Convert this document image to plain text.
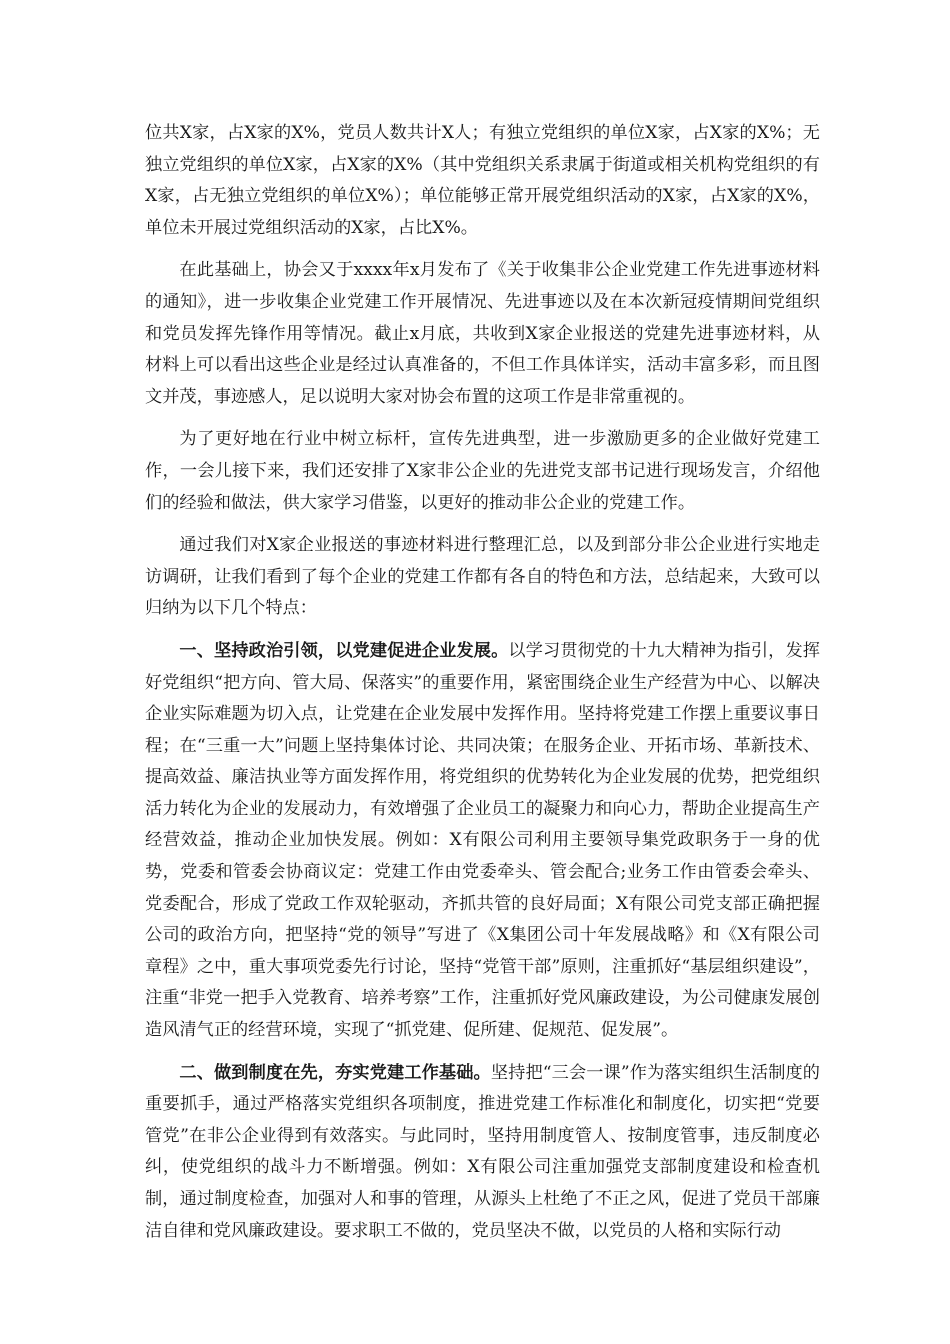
位共X家，占X家的X%，党员人数共计X人；有独立党组织的单位X家，占X家的X%；无独立党组织的单位X家，占X家的X%（其中党组织关系隶属于街道或相关机构党组织的有X家，占无独立党组织的单位X%）；单位能够正常开展党组织活动的X家，占X家的X%，单位未开展过党组织活动的X家，占比X%。

在此基础上，协会又于xxxx年x月发布了《关于收集非公企业党建工作先进事迹材料的通知》，进一步收集企业党建工作开展情况、先进事迹以及在本次新冠疫情期间党组织和党员发挥先锋作用等情况。截止x月底，共收到X家企业报送的党建先进事迹材料，从材料上可以看出这些企业是经过认真准备的，不但工作具体详实，活动丰富多彩，而且图文并茂，事迹感人，足以说明大家对协会布置的这项工作是非常重视的。

为了更好地在行业中树立标杆，宣传先进典型，进一步激励更多的企业做好党建工作，一会儿接下来，我们还安排了X家非公企业的先进党支部书记进行现场发言，介绍他们的经验和做法，供大家学习借鉴，以更好的推动非公企业的党建工作。

通过我们对X家企业报送的事迹材料进行整理汇总，以及到部分非公企业进行实地走访调研，让我们看到了每个企业的党建工作都有各自的特色和方法，总结起来，大致可以归纳为以下几个特点：

一、坚持政治引领，以党建促进企业发展。以学习贯彻党的十九大精神为指引，发挥好党组织“把方向、管大局、保落实”的重要作用，紧密围绕企业生产经营为中心、以解决企业实际难题为切入点，让党建在企业发展中发挥作用。坚持将党建工作摆上重要议事日程；在“三重一大”问题上坚持集体讨论、共同决策；在服务企业、开拓市场、革新技术、提高效益、廉洁执业等方面发挥作用，将党组织的优势转化为企业发展的优势，把党组织活力转化为企业的发展动力，有效增强了企业员工的凝聚力和向心力，帮助企业提高生产经营效益，推动企业加快发展。例如：X有限公司利用主要领导集党政职务于一身的优势，党委和管委会协商议定：党建工作由党委牵头、管会配合;业务工作由管委会牵头、党委配合，形成了党政工作双轮驱动，齐抓共管的良好局面；X有限公司党支部正确把握公司的政治方向，把坚持“党的领导”写进了《X集团公司十年发展战略》和《X有限公司章程》之中，重大事项党委先行讨论，坚持“党管干部”原则，注重抓好“基层组织建设”，注重“非党一把手入党教育、培养考察”工作，注重抓好党风廉政建设，为公司健康发展创造风清气正的经营环境，实现了“抓党建、促所建、促规范、促发展”。

二、做到制度在先，夯实党建工作基础。坚持把“三会一课”作为落实组织生活制度的重要抓手，通过严格落实党组织各项制度，推进党建工作标准化和制度化，切实把“党要管党”在非公企业得到有效落实。与此同时，坚持用制度管人、按制度管事，违反制度必纠，使党组织的战斗力不断增强。例如：X有限公司注重加强党支部制度建设和检查机制，通过制度检查，加强对人和事的管理，从源头上杜绝了不正之风，促进了党员干部廉洁自律和党风廉政建设。要求职工不做的，党员坚决不做，以党员的人格和实际行动
